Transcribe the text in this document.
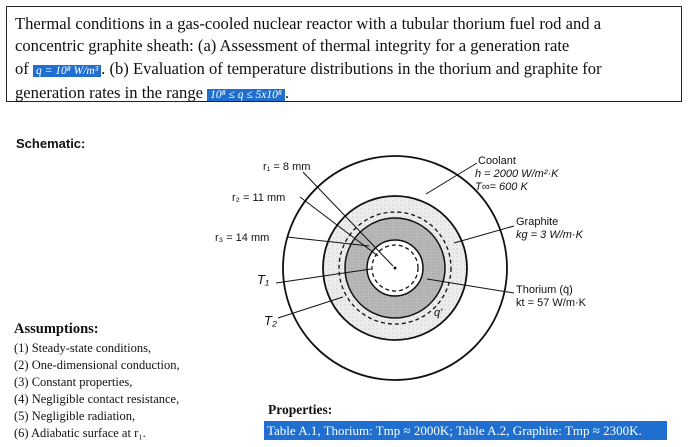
Thermal conditions in a gas-cooled nuclear reactor with a tubular thorium fuel rod and a
concentric graphite sheath: (a) Assessment of thermal integrity for a generation rate
of q = 10⁸ W/m³ . (b) Evaluation of temperature distributions in the thorium and graphite for
generation rates in the range 10⁸ ≤ q ≤ 5x10⁸ .
Schematic:
r₁ = 8 mm
r₂ = 11 mm
r₃ = 14 mm
T₁
T₂	q'
Coolant
h = 2000 W/m²·K
T∞= 600 K
Graphite
kg = 3 W/m·K
Thorium (q̇)
kt = 57 W/m·K
Assumptions:
(1) Steady-state conditions,
(2) One-dimensional conduction,
(3) Constant properties,
(4) Negligible contact resistance,
(5) Negligible radiation,
(6) Adiabatic surface at r₁.
Properties:
Table A.1, Thorium: Tmp ≈ 2000K; Table A.2, Graphite: Tmp ≈ 2300K.
